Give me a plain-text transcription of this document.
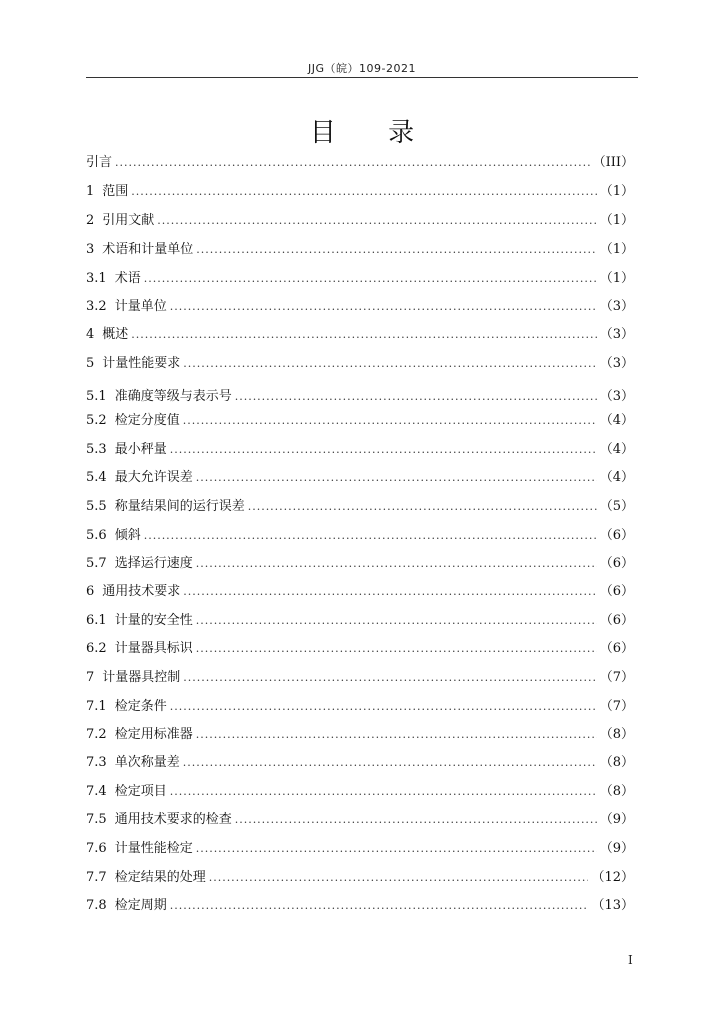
JJG（皖）109-2021
目 录
引言 .....	（III）
1 范围 .....	（1）
2 引用文献 .....	（1）
3 术语和计量单位 .....	（1）
3.1 术语 .....	（1）
3.2 计量单位 .....	（3）
4 概述 .....	（3）
5 计量性能要求 .....	（3）
5.1 准确度等级与表示号 .....	（3）
5.2 检定分度值 .....	（4）
5.3 最小秤量 .....	（4）
5.4 最大允许误差 .....	（4）
5.5 称量结果间的运行误差 .....	（5）
5.6 倾斜 .....	（6）
5.7 选择运行速度 .....	（6）
6 通用技术要求 .....	（6）
6.1 计量的安全性 .....	（6）
6.2 计量器具标识 .....	（6）
7 计量器具控制 .....	（7）
7.1 检定条件 .....	（7）
7.2 检定用标准器 .....	（8）
7.3 单次称量差 .....	（8）
7.4 检定项目 .....	（8）
7.5 通用技术要求的检查 .....	（9）
7.6 计量性能检定 .....	（9）
7.7 检定结果的处理 .....	（12）
7.8 检定周期 .....	（13）
I
